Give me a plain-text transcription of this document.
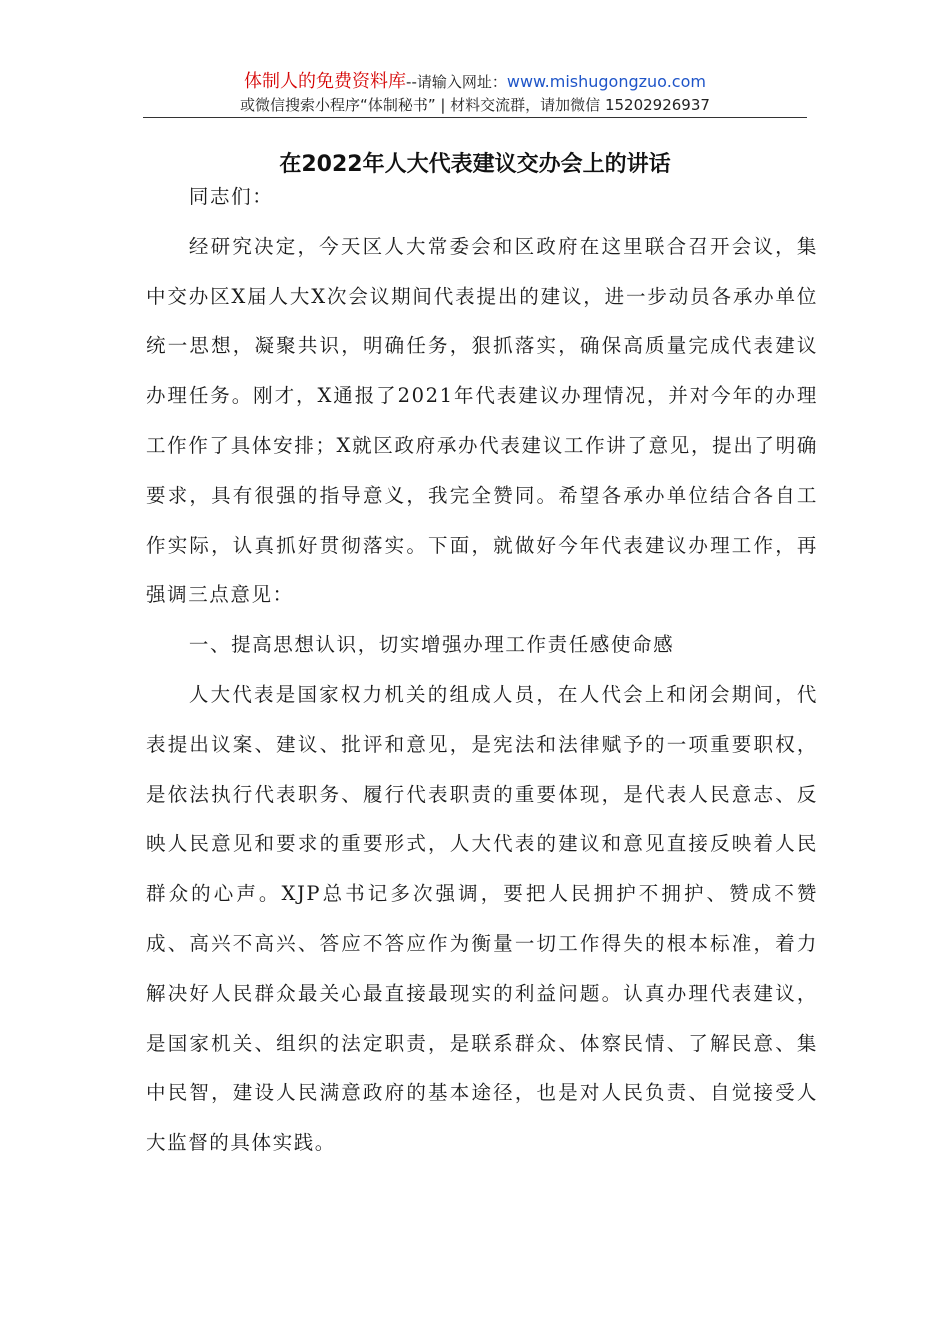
体制人的免费资料库--请输入网址：www.mishugongzuo.com
或微信搜索小程序“体制秘书” | 材料交流群，请加微信 15202926937
在2022年人大代表建议交办会上的讲话

同志们：

经研究决定，今天区人大常委会和区政府在这里联合召开会议，集中交办区X届人大X次会议期间代表提出的建议，进一步动员各承办单位统一思想，凝聚共识，明确任务，狠抓落实，确保高质量完成代表建议办理任务。刚才，X通报了2021年代表建议办理情况，并对今年的办理工作作了具体安排；X就区政府承办代表建议工作讲了意见，提出了明确要求，具有很强的指导意义，我完全赞同。希望各承办单位结合各自工作实际，认真抓好贯彻落实。下面，就做好今年代表建议办理工作，再强调三点意见：

一、提高思想认识，切实增强办理工作责任感使命感

人大代表是国家权力机关的组成人员，在人代会上和闭会期间，代表提出议案、建议、批评和意见，是宪法和法律赋予的一项重要职权，是依法执行代表职务、履行代表职责的重要体现，是代表人民意志、反映人民意见和要求的重要形式，人大代表的建议和意见直接反映着人民群众的心声。XJP总书记多次强调，要把人民拥护不拥护、赞成不赞成、高兴不高兴、答应不答应作为衡量一切工作得失的根本标准，着力解决好人民群众最关心最直接最现实的利益问题。认真办理代表建议，是国家机关、组织的法定职责，是联系群众、体察民情、了解民意、集中民智，建设人民满意政府的基本途径，也是对人民负责、自觉接受人大监督的具体实践。
